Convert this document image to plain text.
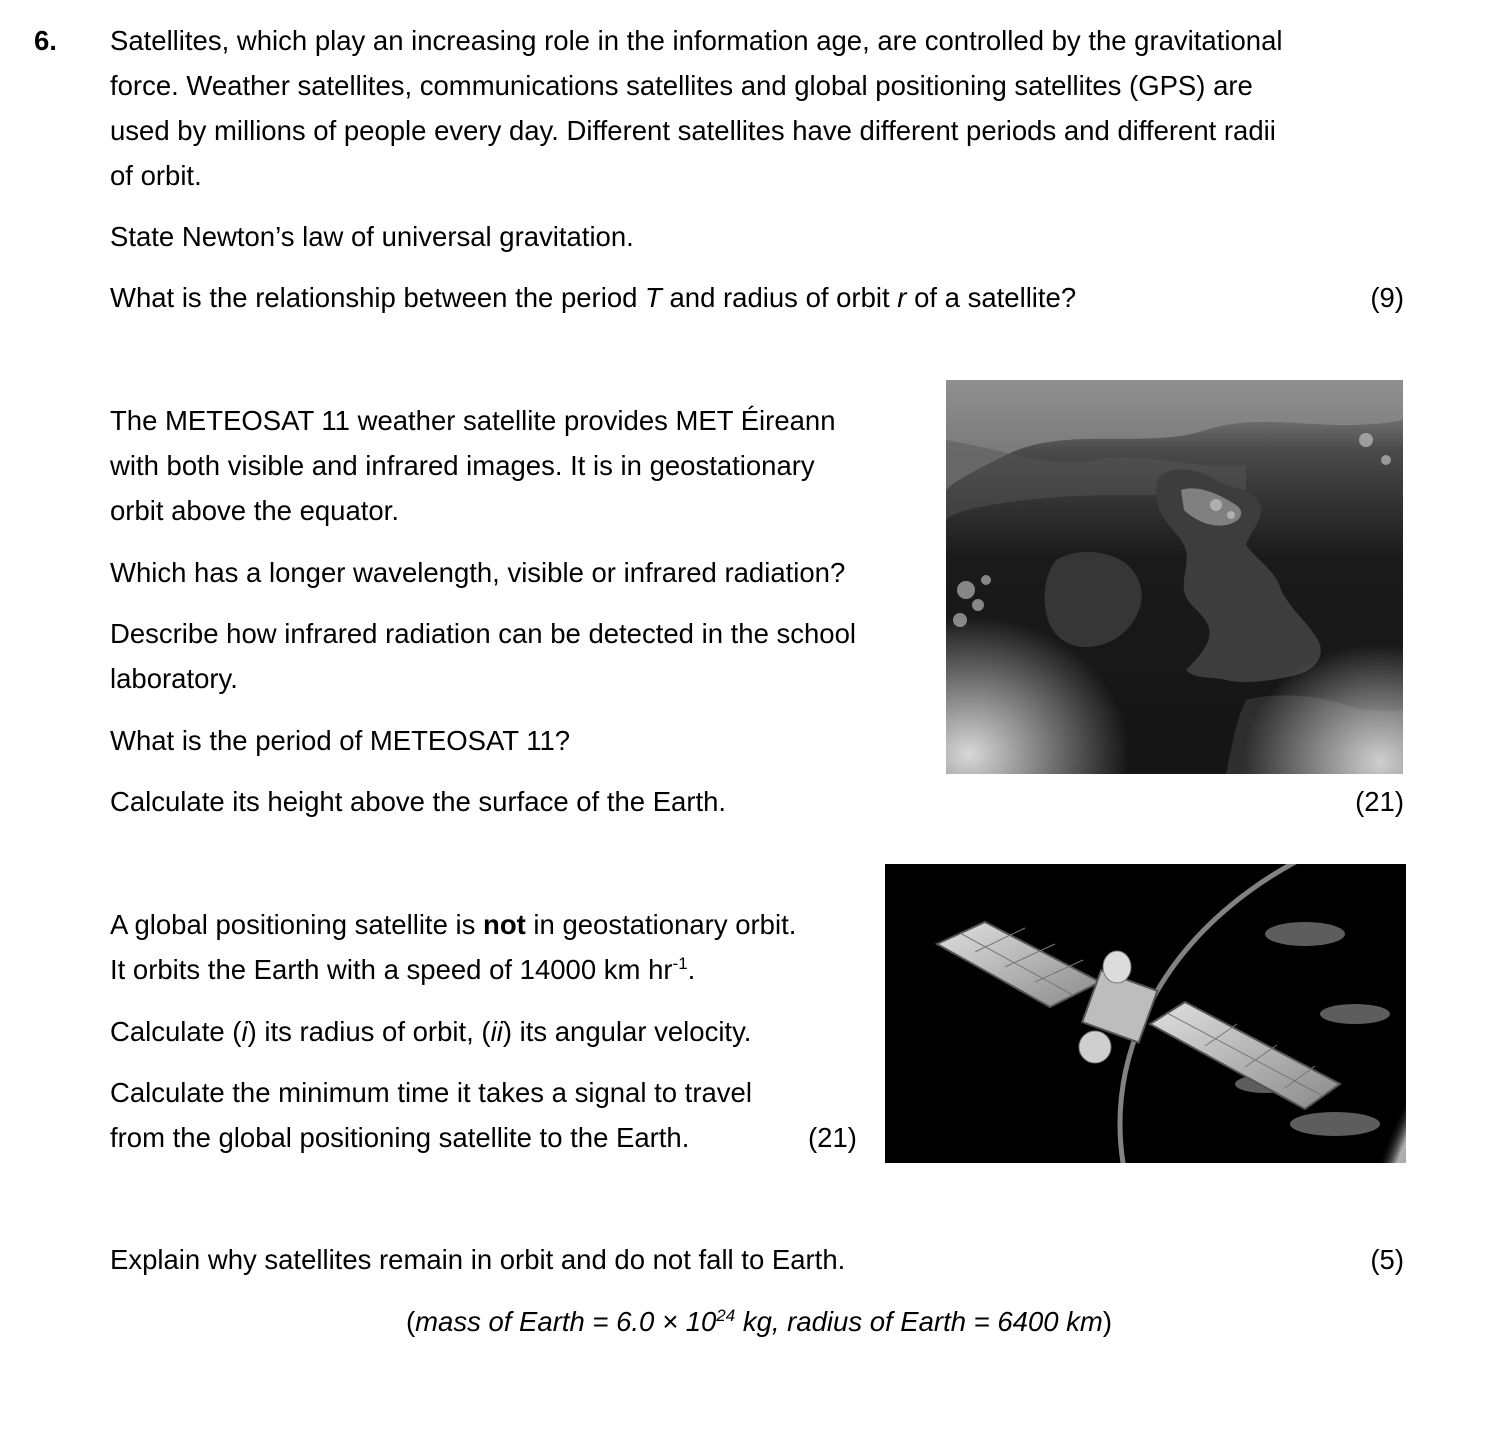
6. Satellites, which play an increasing role in the information age, are controlled by the gravitational
force. Weather satellites, communications satellites and global positioning satellites (GPS) are
used by millions of people every day. Different satellites have different periods and different radii
of orbit.
State Newton’s law of universal gravitation.
What is the relationship between the period T and radius of orbit r of a satellite?	(9)
The METEOSAT 11 weather satellite provides MET Éireann
with both visible and infrared images. It is in geostationary
orbit above the equator.
Which has a longer wavelength, visible or infrared radiation?
Describe how infrared radiation can be detected in the school
laboratory.
What is the period of METEOSAT 11?
Calculate its height above the surface of the Earth.	(21)
A global positioning satellite is not in geostationary orbit.
It orbits the Earth with a speed of 14000 km $hr^{-1}$.
Calculate (i) its radius of orbit, (ii) its angular velocity.
Calculate the minimum time it takes a signal to travel
from the global positioning satellite to the Earth.	(21)
Explain why satellites remain in orbit and do not fall to Earth.	(5)
(mass of Earth = $6.0 \times 10^{24}$ kg, radius of Earth = 6400 km)
